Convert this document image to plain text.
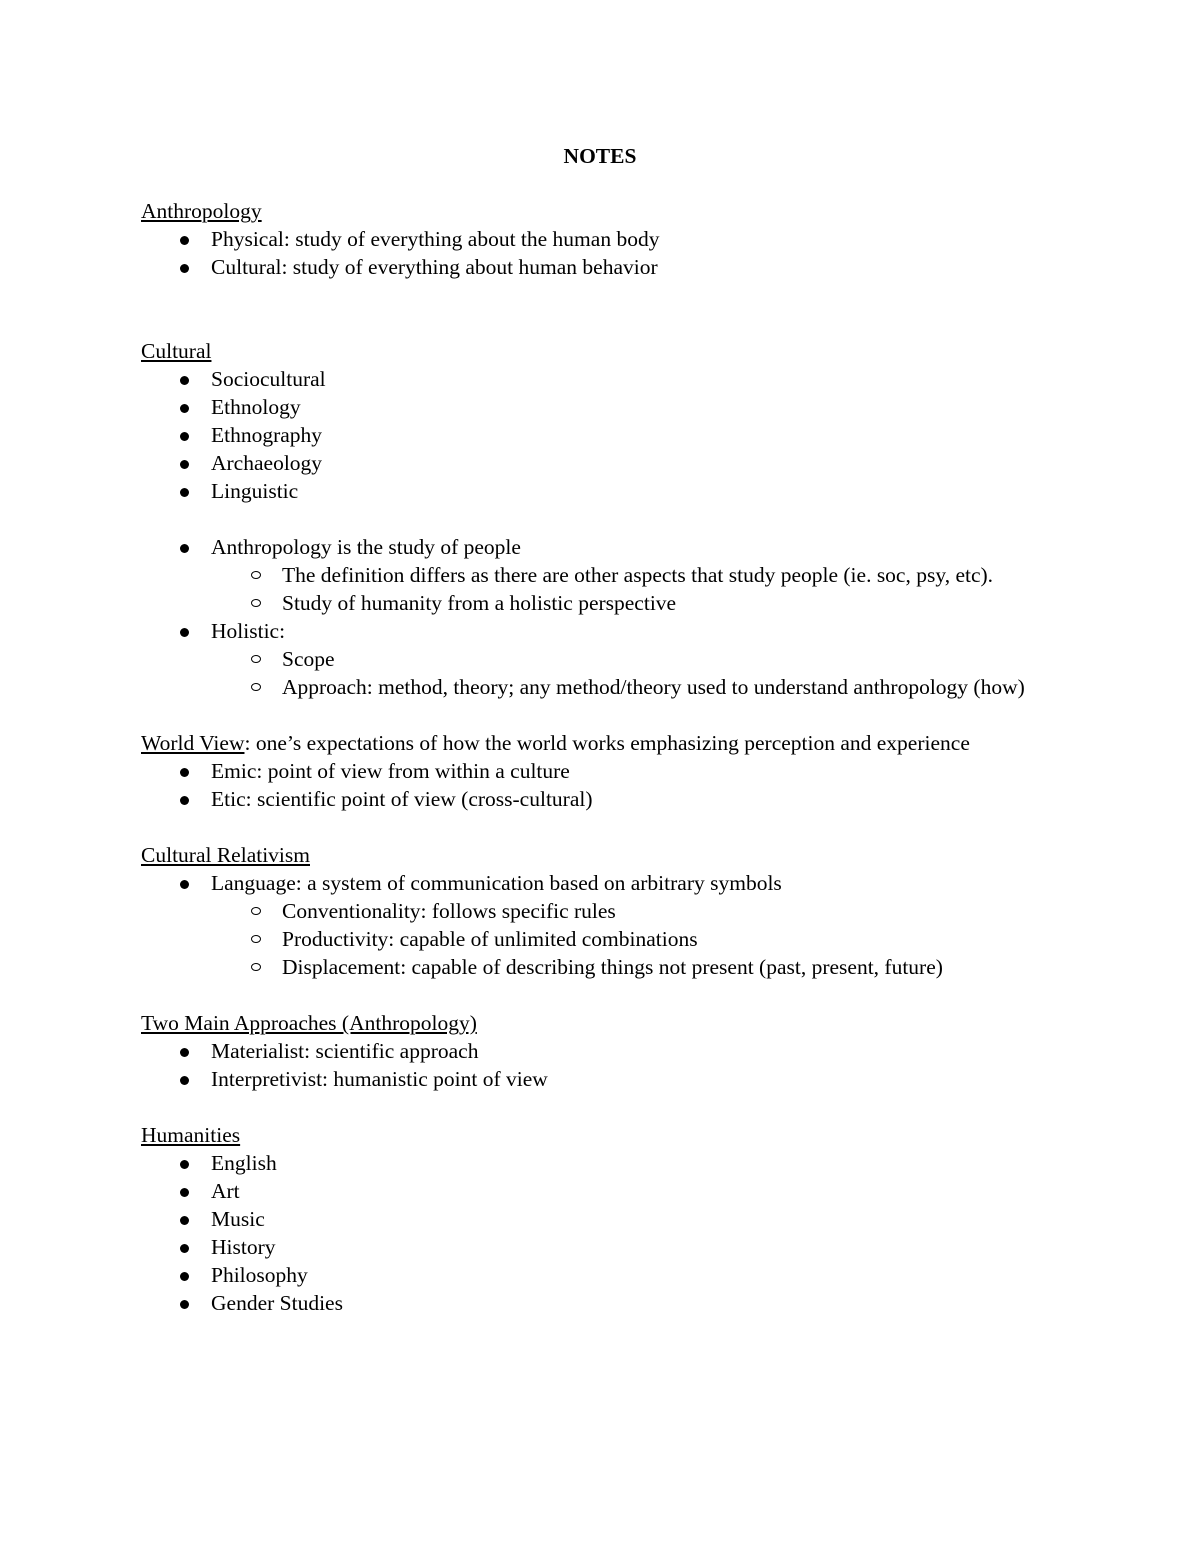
NOTES
Anthropology
Physical: study of everything about the human body
Cultural: study of everything about human behavior
Cultural
Sociocultural
Ethnology
Ethnography
Archaeology
Linguistic
Anthropology is the study of people
The definition differs as there are other aspects that study people (ie. soc, psy, etc).
Study of humanity from a holistic perspective
Holistic:
Scope
Approach: method, theory; any method/theory used to understand anthropology (how)
World View: one’s expectations of how the world works emphasizing perception and experience
Emic: point of view from within a culture
Etic: scientific point of view (cross-cultural)
Cultural Relativism
Language: a system of communication based on arbitrary symbols
Conventionality: follows specific rules
Productivity: capable of unlimited combinations
Displacement: capable of describing things not present (past, present, future)
Two Main Approaches (Anthropology)
Materialist: scientific approach
Interpretivist: humanistic point of view
Humanities
English
Art
Music
History
Philosophy
Gender Studies
